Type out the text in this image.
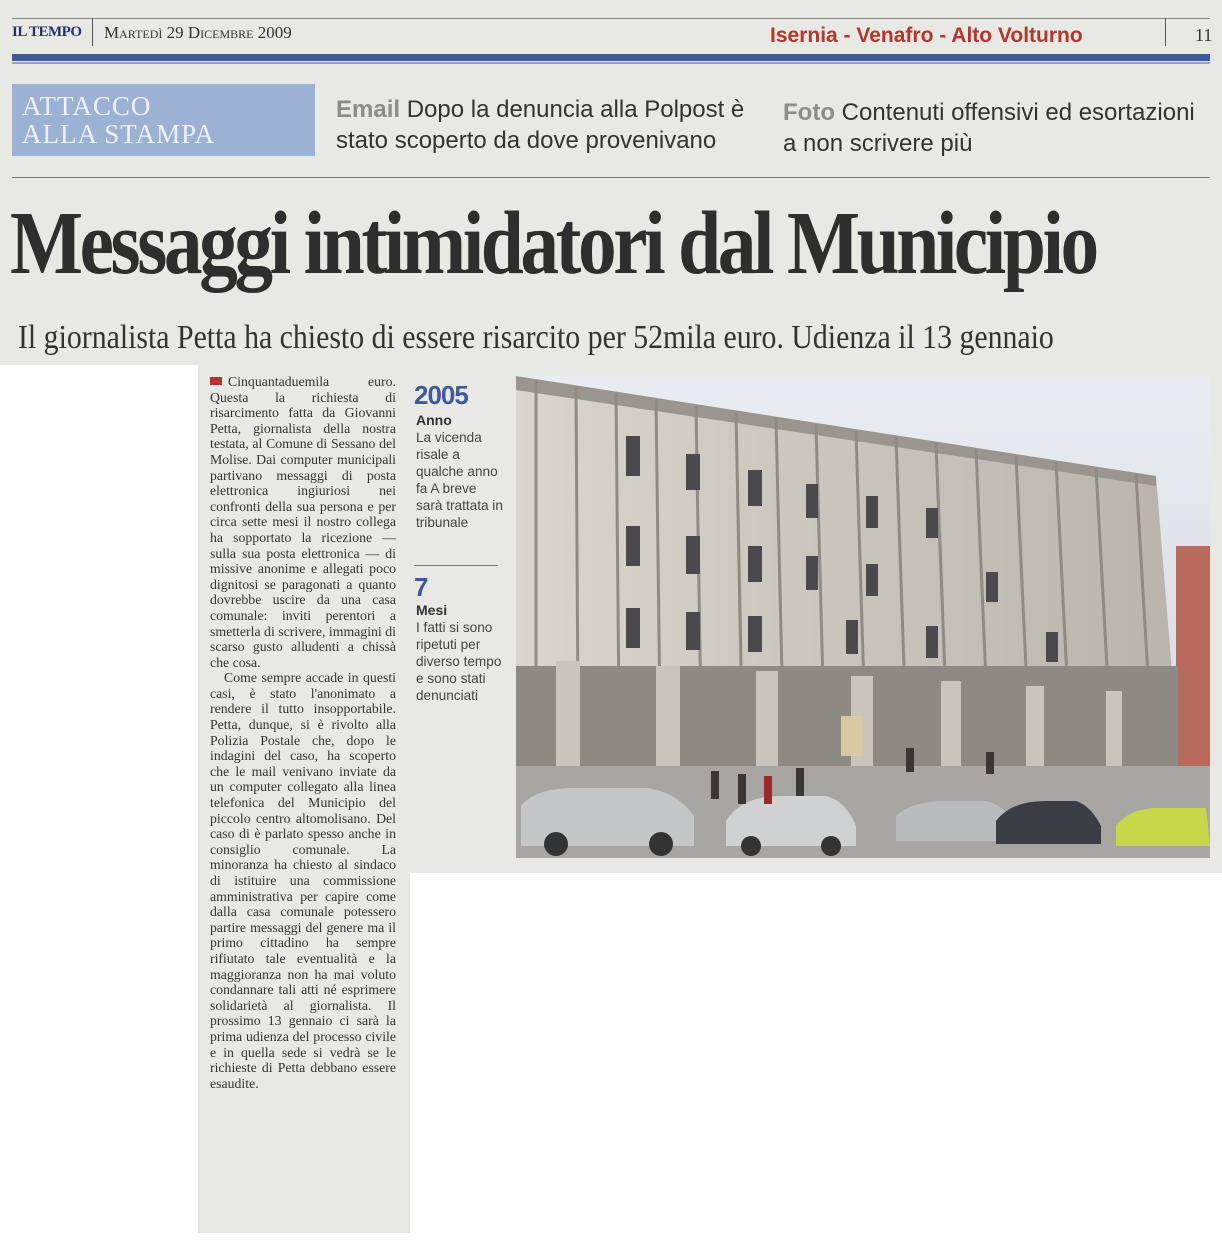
IL TEMPO Martedì 29 Dicembre 2009	Isernia - Venafro - Alto Volturno	11
ATTACCO
ALLA STAMPA
Email Dopo la denuncia alla Polpost è stato scoperto da dove provenivano
Foto Contenuti offensivi ed esortazioni a non scrivere più
Messaggi intimidatori dal Municipio
Il giornalista Petta ha chiesto di essere risarcito per 52mila euro. Udienza il 13 gennaio

Cinquantaduemila euro. Questa la richiesta di risarcimento fatta da Giovanni Petta, giornalista della nostra testata, al Comune di Sessano del Molise. Dai computer municipali partivano messaggi di posta elettronica ingiuriosi nei confronti della sua persona e per circa sette mesi il nostro collega ha sopportato la ricezione — sulla sua posta elettronica — di missive anonime e allegati poco dignitosi se paragonati a quanto dovrebbe uscire da una casa comunale: inviti perentori a smetterla di scrivere, immagini di scarso gusto alludenti a chissà che cosa.

Come sempre accade in questi casi, è stato l'anonimato a rendere il tutto insopportabile. Petta, dunque, si è rivolto alla Polizia Postale che, dopo le indagini del caso, ha scoperto che le mail venivano inviate da un computer collegato alla linea telefonica del Municipio del piccolo centro altomolisano. Del caso di è parlato spesso anche in consiglio comunale. La minoranza ha chiesto al sindaco di istituire una commissione amministrativa per capire come dalla casa comunale potessero partire messaggi del genere ma il primo cittadino ha sempre rifiutato tale eventualità e la maggioranza non ha mai voluto condannare tali atti né esprimere solidarietà al giornalista. Il prossimo 13 gennaio ci sarà la prima udienza del processo civile e in quella sede si vedrà se le richieste di Petta debbano essere esaudite.

2005
Anno
La vicenda risale a qualche anno fa A breve sarà trattata in tribunale
7
Mesi
I fatti si sono ripetuti per diverso tempo e sono stati denunciati
